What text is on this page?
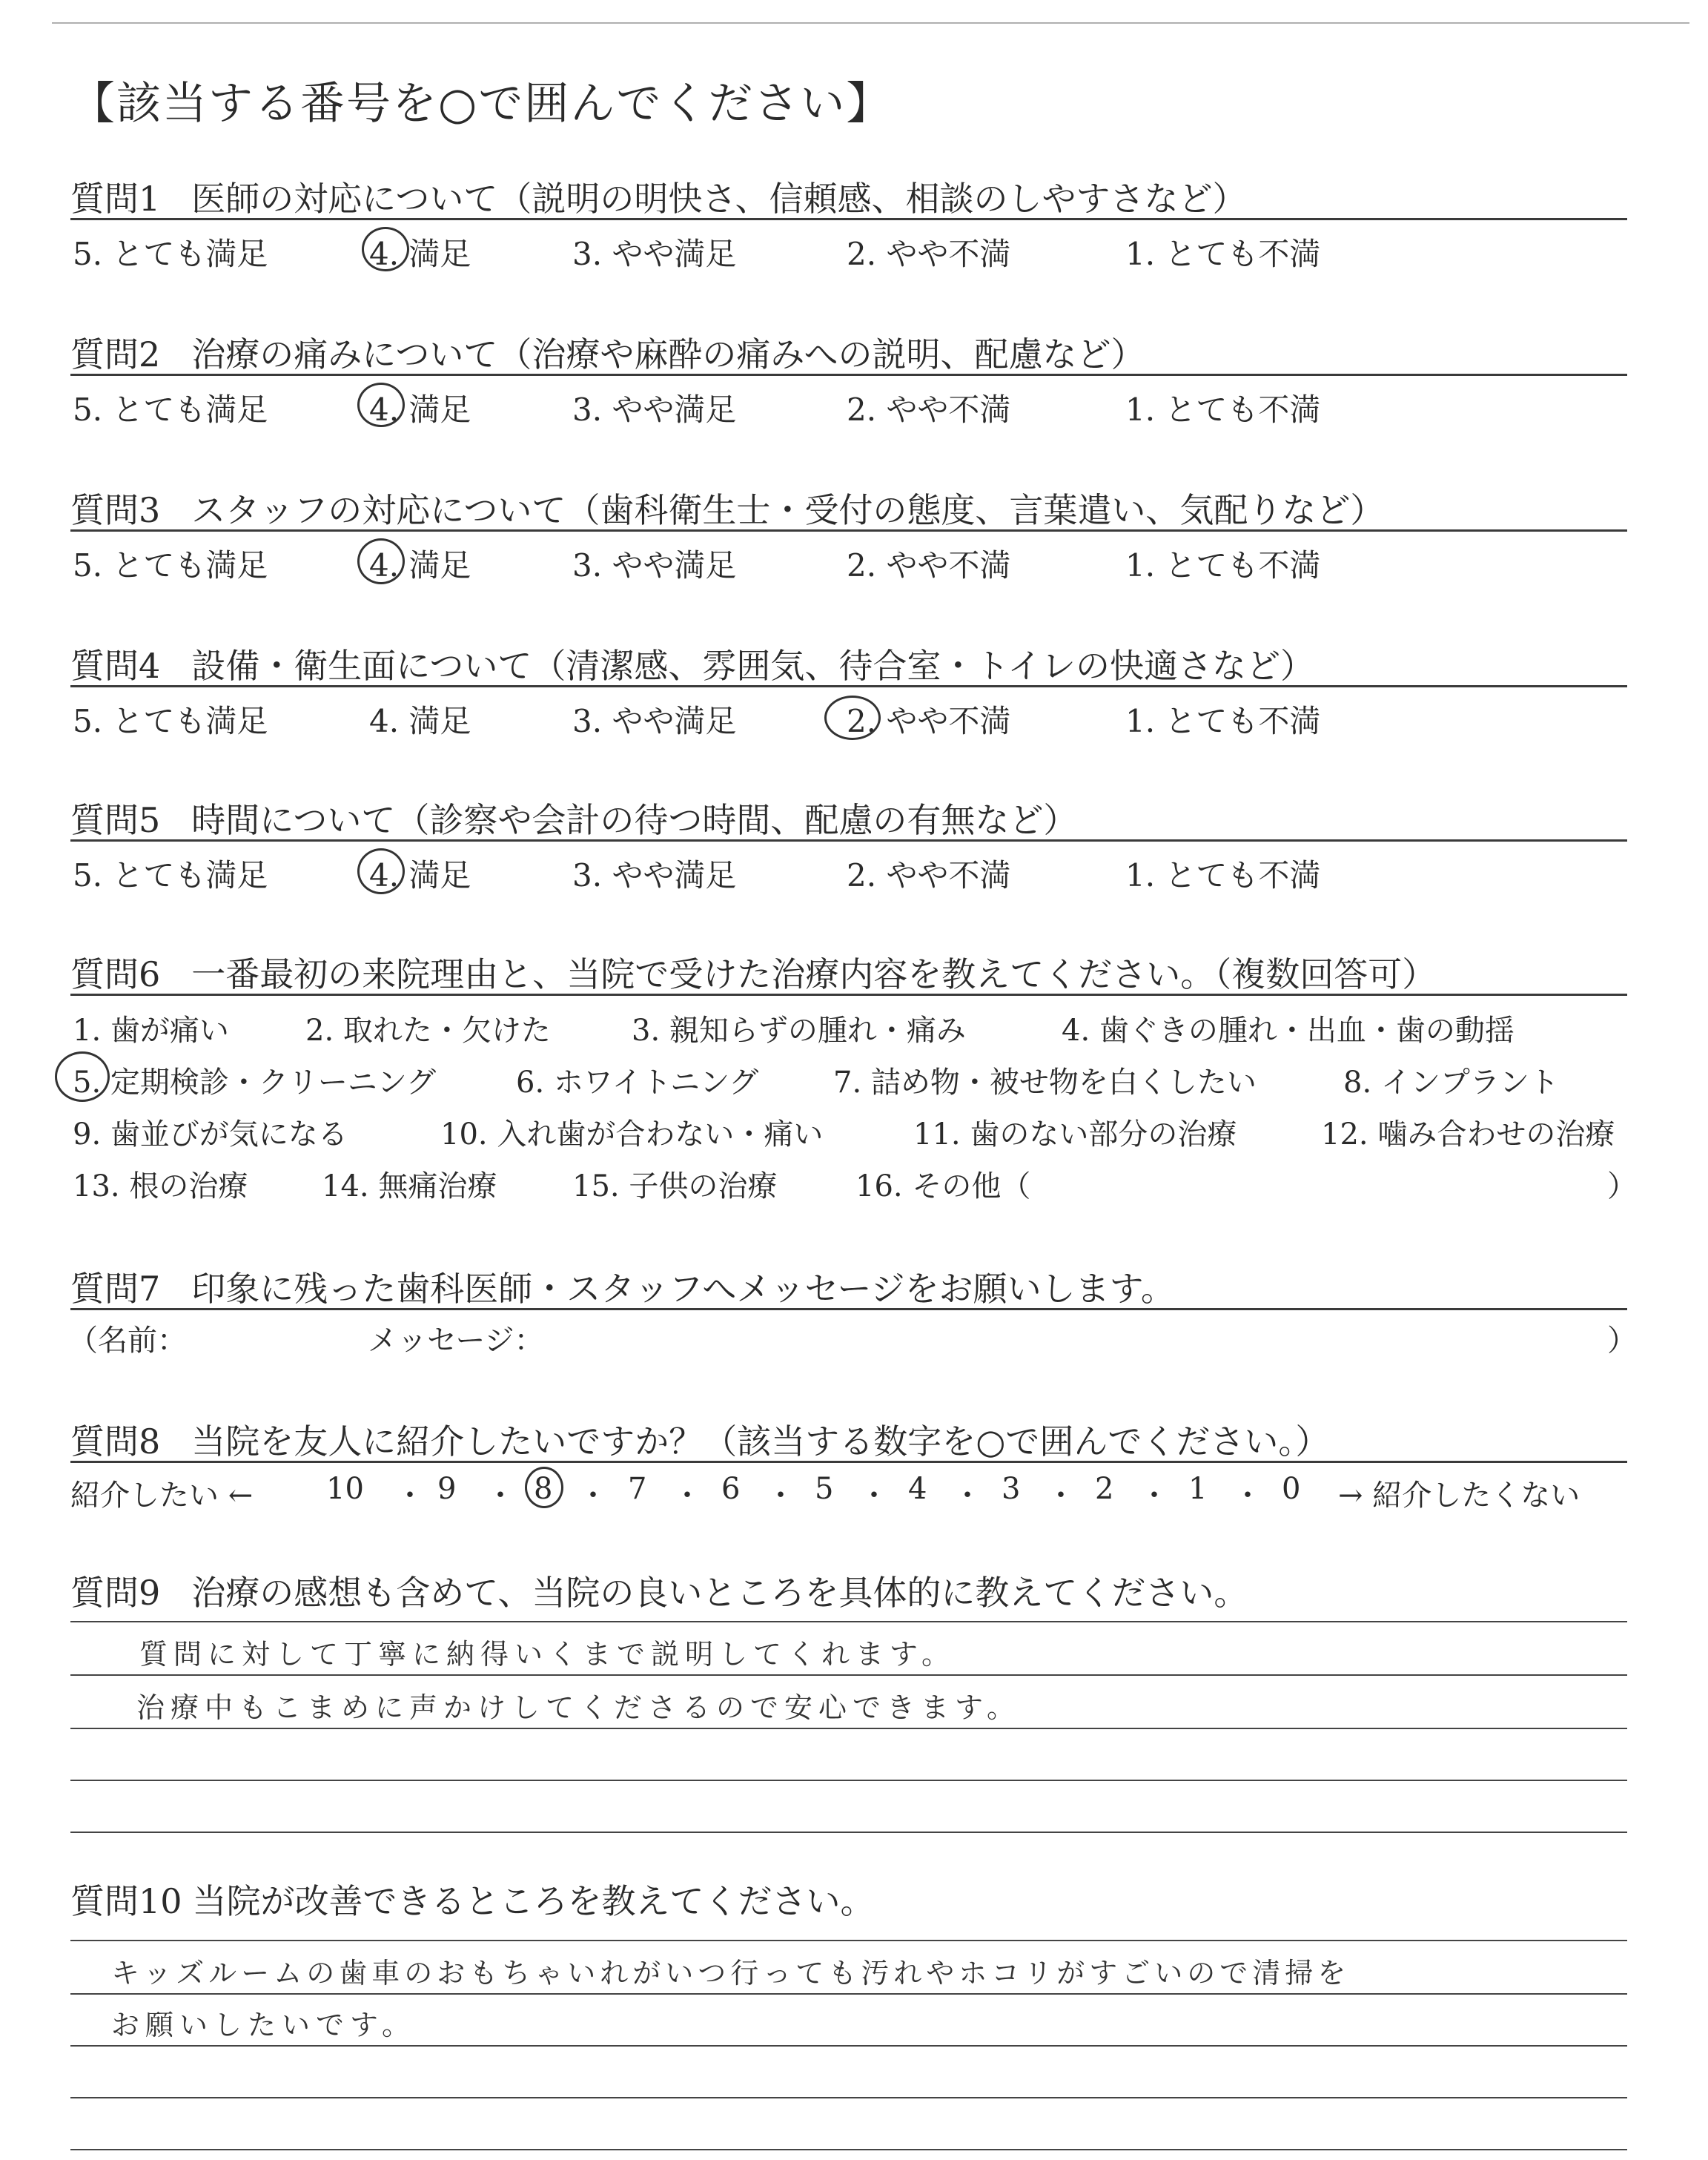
【該当する番号を○で囲んでください】
質問1 医師の対応について（説明の明快さ、信頼感、相談のしやすさなど）
5. とても満足	4. 満足	3. やや満足	2. やや不満	1. とても不満
質問2 治療の痛みについて（治療や麻酔の痛みへの説明、配慮など）
5. とても満足	4. 満足	3. やや満足	2. やや不満	1. とても不満
質問3 スタッフの対応について（歯科衛生士・受付の態度、言葉遣い、気配りなど）
5. とても満足	4. 満足	3. やや満足	2. やや不満	1. とても不満
質問4 設備・衛生面について（清潔感、雰囲気、待合室・トイレの快適さなど）
5. とても満足	4. 満足	3. やや満足	2. やや不満	1. とても不満
質問5 時間について（診察や会計の待つ時間、配慮の有無など）
5. とても満足	4. 満足	3. やや満足	2. やや不満	1. とても不満
質問6 一番最初の来院理由と、当院で受けた治療内容を教えてください。（複数回答可）
1. 歯が痛い	2. 取れた・欠けた	3. 親知らずの腫れ・痛み	4. 歯ぐきの腫れ・出血・歯の動揺
5. 定期検診・クリーニング	6. ホワイトニング	7. 詰め物・被せ物を白くしたい	8. インプラント
9. 歯並びが気になる	10. 入れ歯が合わない・痛い	11. 歯のない部分の治療	12. 噛み合わせの治療
13. 根の治療 14. 無痛治療	15. 子供の治療	16. その他（	）
質問7 印象に残った歯科医師・スタッフへメッセージをお願いします。
（名前：	メッセージ：	）
質問8 当院を友人に紹介したいですか？（該当する数字を○で囲んでください。）
紹介したい ← 10 ・ 9 ・ 8 ・ 7 ・ 6 ・ 5 ・ 4 ・ 3 ・ 2 ・ 1 ・ 0 → 紹介したくない
質問9 治療の感想も含めて、当院の良いところを具体的に教えてください。
質問に対して丁寧に納得いくまで説明してくれます。
治療中もこまめに声かけしてくださるので安心できます。
質問10 当院が改善できるところを教えてください。
キッズルームの歯車のおもちゃいれがいつ行っても汚れやホコリがすごいので清掃を
お願いしたいです。
